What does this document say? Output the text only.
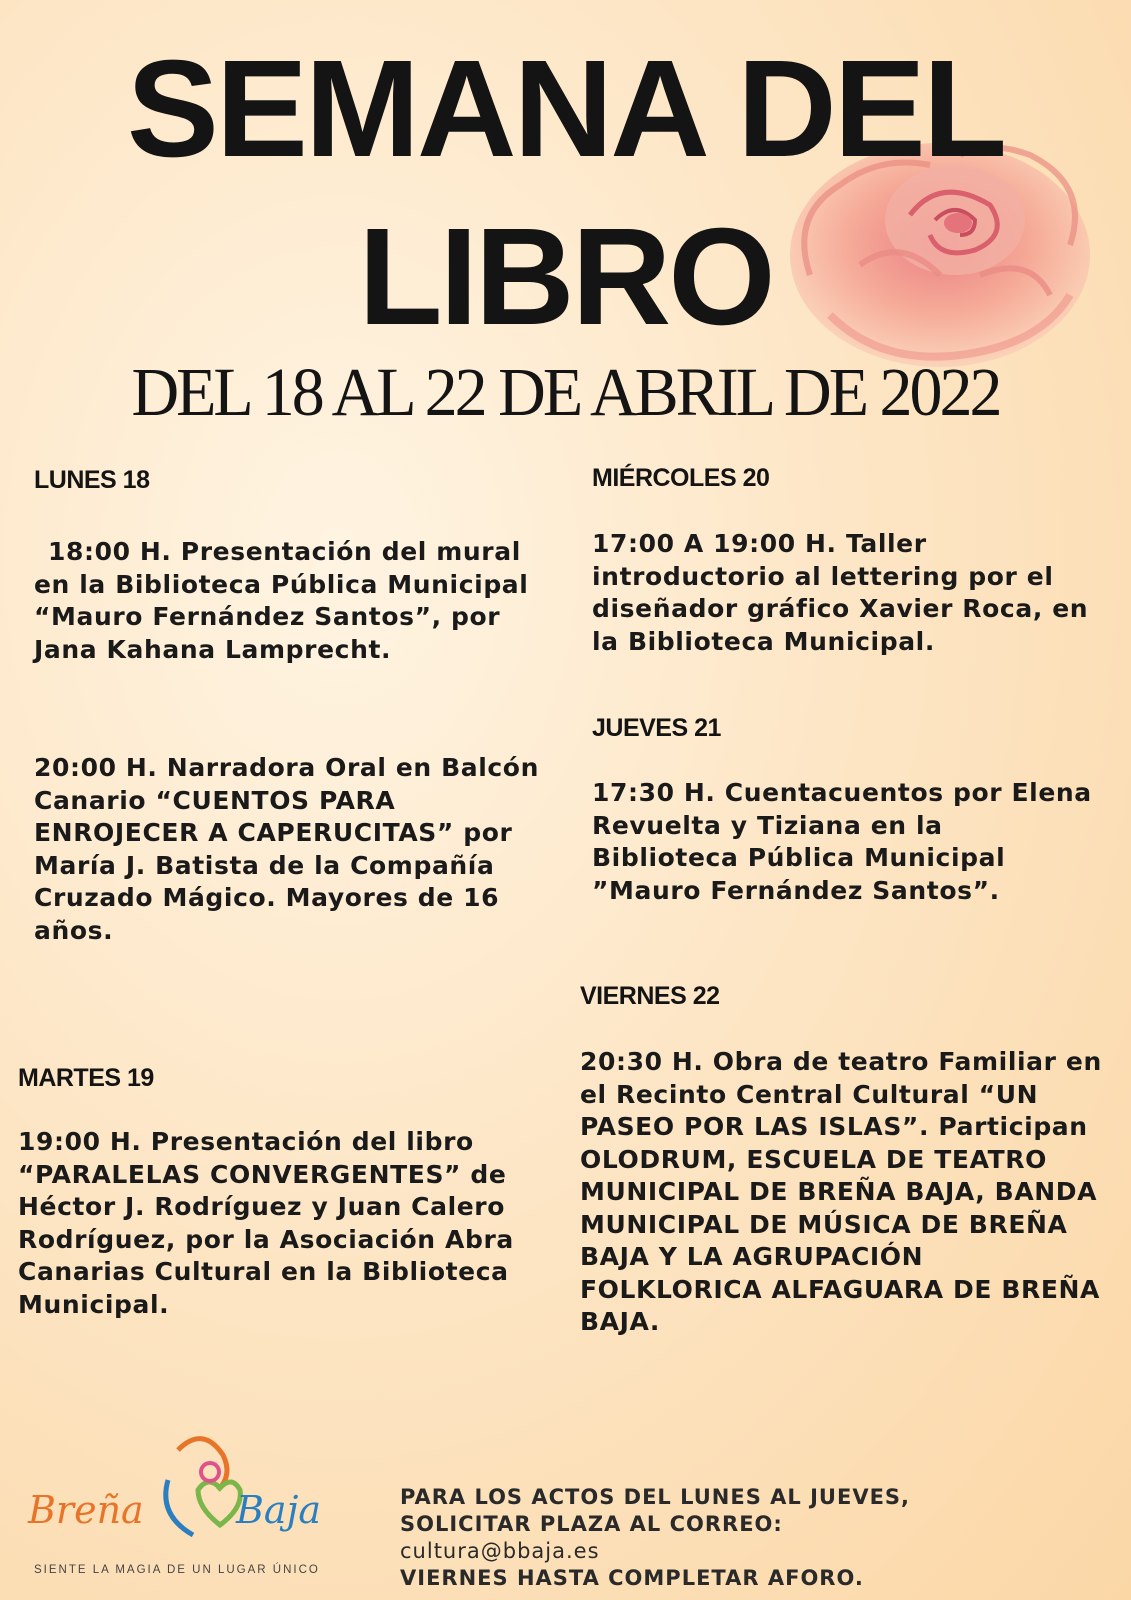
SEMANA DEL
LIBRO
DEL 18 AL 22 DE ABRIL DE 2022
LUNES 18

18:00 H. Presentación del mural en la Biblioteca Pública Municipal “Mauro Fernández Santos”, por Jana Kahana Lamprecht.

20:00 H. Narradora Oral en Balcón Canario “CUENTOS PARA ENROJECER A CAPERUCITAS” por María J. Batista de la Compañía Cruzado Mágico. Mayores de 16 años.

MARTES 19

19:00 H. Presentación del libro “PARALELAS CONVERGENTES” de Héctor J. Rodríguez y Juan Calero Rodríguez, por la Asociación Abra Canarias Cultural en la Biblioteca Municipal.

MIÉRCOLES 20

17:00 A 19:00 H. Taller introductorio al lettering por el diseñador gráfico Xavier Roca, en la Biblioteca Municipal.

JUEVES 21

17:30 H. Cuentacuentos por Elena Revuelta y Tiziana en la Biblioteca Pública Municipal ”Mauro Fernández Santos”.

VIERNES 22

20:30 H. Obra de teatro Familiar en el Recinto Central Cultural “UN PASEO POR LAS ISLAS”. Participan OLODRUM, ESCUELA DE TEATRO MUNICIPAL DE BREÑA BAJA, BANDA MUNICIPAL DE MÚSICA DE BREÑA BAJA Y LA AGRUPACIÓN FOLKLORICA ALFAGUARA DE BREÑA BAJA.

Breña Baja
SIENTE LA MAGIA DE UN LUGAR ÚNICO
PARA LOS ACTOS DEL LUNES AL JUEVES,
SOLICITAR PLAZA AL CORREO:
cultura@bbaja.es
VIERNES HASTA COMPLETAR AFORO.
